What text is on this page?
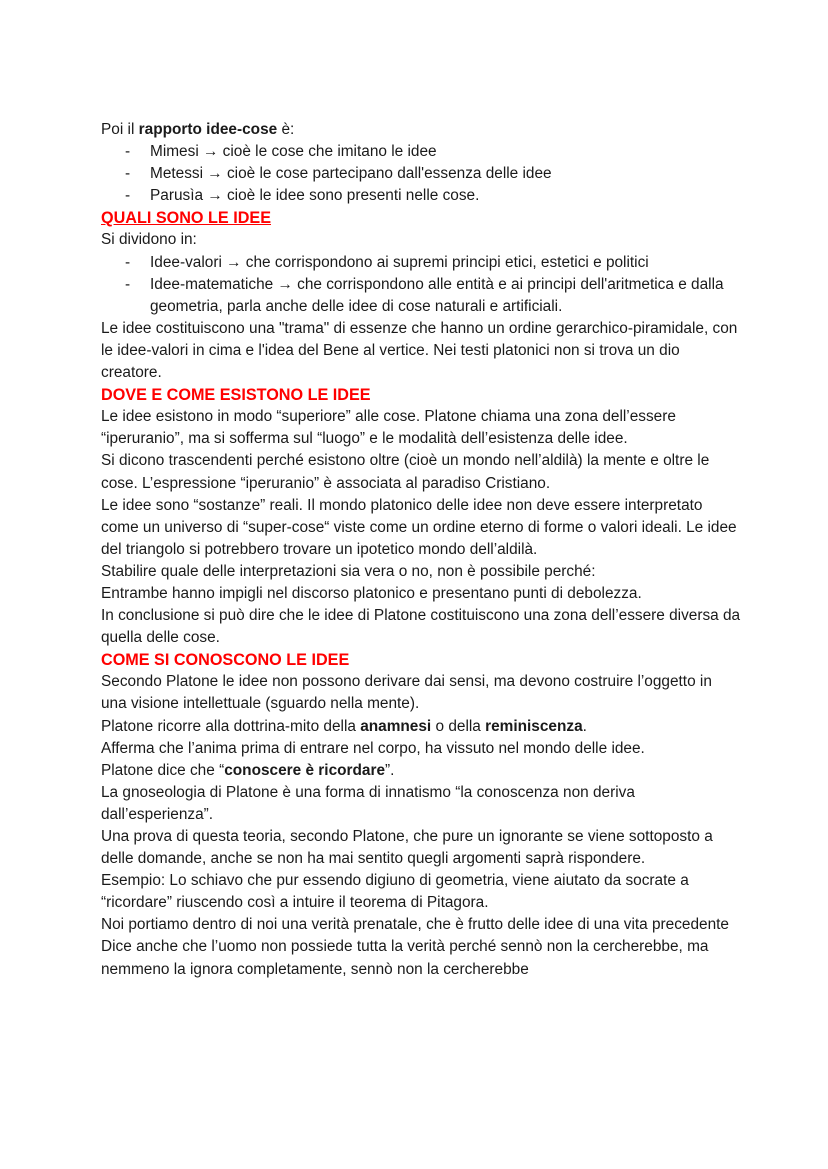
Poi il rapporto idee-cose è:

- Mimesi → cioè le cose che imitano le idee
- Metessi → cioè le cose partecipano dall'essenza delle idee
- Parusìa → cioè le idee sono presenti nelle cose.
QUALI SONO LE IDEE

Si dividono in:

- Idee-valori → che corrispondono ai supremi principi etici, estetici e politici
- Idee-matematiche → che corrispondono alle entità e ai principi dell'aritmetica e dalla geometria, parla anche delle idee di cose naturali e artificiali.

Le idee costituiscono una "trama" di essenze che hanno un ordine gerarchico-piramidale, con le idee-valori in cima e l'idea del Bene al vertice. Nei testi platonici non si trova un dio creatore.

DOVE E COME ESISTONO LE IDEE

Le idee esistono in modo “superiore” alle cose. Platone chiama una zona dell’essere “iperuranio”, ma si sofferma sul “luogo” e le modalità dell’esistenza delle idee.

Si dicono trascendenti perché esistono oltre (cioè un mondo nell’aldilà) la mente e oltre le cose. L’espressione “iperuranio” è associata al paradiso Cristiano.

Le idee sono “sostanze” reali. Il mondo platonico delle idee non deve essere interpretato come un universo di “super-cose“ viste come un ordine eterno di forme o valori ideali. Le idee del triangolo si potrebbero trovare un ipotetico mondo dell’aldilà.

Stabilire quale delle interpretazioni sia vera o no, non è possibile perché:

Entrambe hanno impigli nel discorso platonico e presentano punti di debolezza.

In conclusione si può dire che le idee di Platone costituiscono una zona dell’essere diversa da quella delle cose.

COME SI CONOSCONO LE IDEE

Secondo Platone le idee non possono derivare dai sensi, ma devono costruire l’oggetto in una visione intellettuale (sguardo nella mente).

Platone ricorre alla dottrina-mito della anamnesi o della reminiscenza.

Afferma che l’anima prima di entrare nel corpo, ha vissuto nel mondo delle idee.

Platone dice che “conoscere è ricordare”.

La gnoseologia di Platone è una forma di innatismo “la conoscenza non deriva dall’esperienza”.

Una prova di questa teoria, secondo Platone, che pure un ignorante se viene sottoposto a delle domande, anche se non ha mai sentito quegli argomenti saprà rispondere.

Esempio: Lo schiavo che pur essendo digiuno di geometria, viene aiutato da socrate a “ricordare” riuscendo così a intuire il teorema di Pitagora.

Noi portiamo dentro di noi una verità prenatale, che è frutto delle idee di una vita precedente

Dice anche che l’uomo non possiede tutta la verità perché sennò non la cercherebbe, ma nemmeno la ignora completamente, sennò non la cercherebbe
